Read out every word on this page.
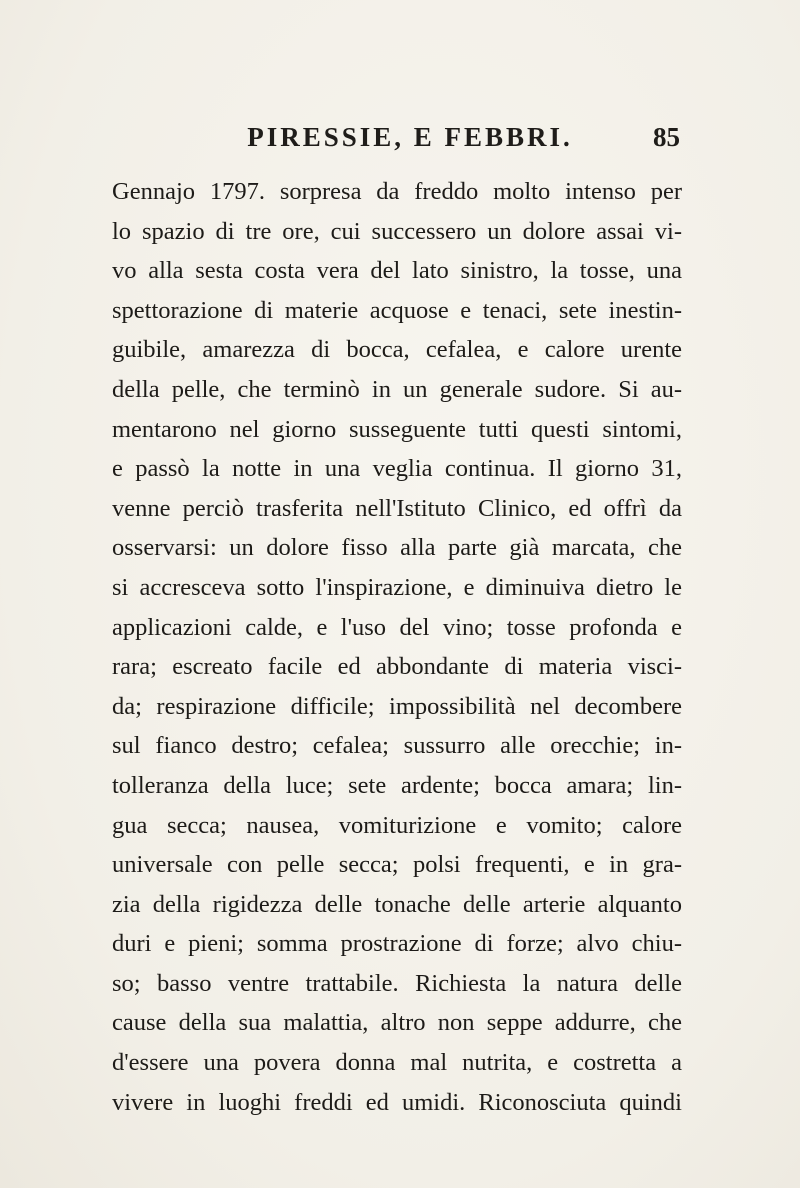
PIRESSIE, E FEBBRI.	85
Gennajo 1797. sorpresa da freddo molto intenso per
lo spazio di tre ore, cui successero un dolore assai vi-
vo alla sesta costa vera del lato sinistro, la tosse, una
spettorazione di materie acquose e tenaci, sete inestin-
guibile, amarezza di bocca, cefalea, e calore urente
della pelle, che terminò in un generale sudore. Si au-
mentarono nel giorno susseguente tutti questi sintomi,
e passò la notte in una veglia continua. Il giorno 31,
venne perciò trasferita nell'Istituto Clinico, ed offrì da
osservarsi: un dolore fisso alla parte già marcata, che
si accresceva sotto l'inspirazione, e diminuiva dietro le
applicazioni calde, e l'uso del vino; tosse profonda e
rara; escreato facile ed abbondante di materia visci-
da; respirazione difficile; impossibilità nel decombere
sul fianco destro; cefalea; sussurro alle orecchie; in-
tolleranza della luce; sete ardente; bocca amara; lin-
gua secca; nausea, vomiturizione e vomito; calore
universale con pelle secca; polsi frequenti, e in gra-
zia della rigidezza delle tonache delle arterie alquanto
duri e pieni; somma prostrazione di forze; alvo chiu-
so; basso ventre trattabile. Richiesta la natura delle
cause della sua malattia, altro non seppe addurre, che
d'essere una povera donna mal nutrita, e costretta a
vivere in luoghi freddi ed umidi. Riconosciuta quindi
